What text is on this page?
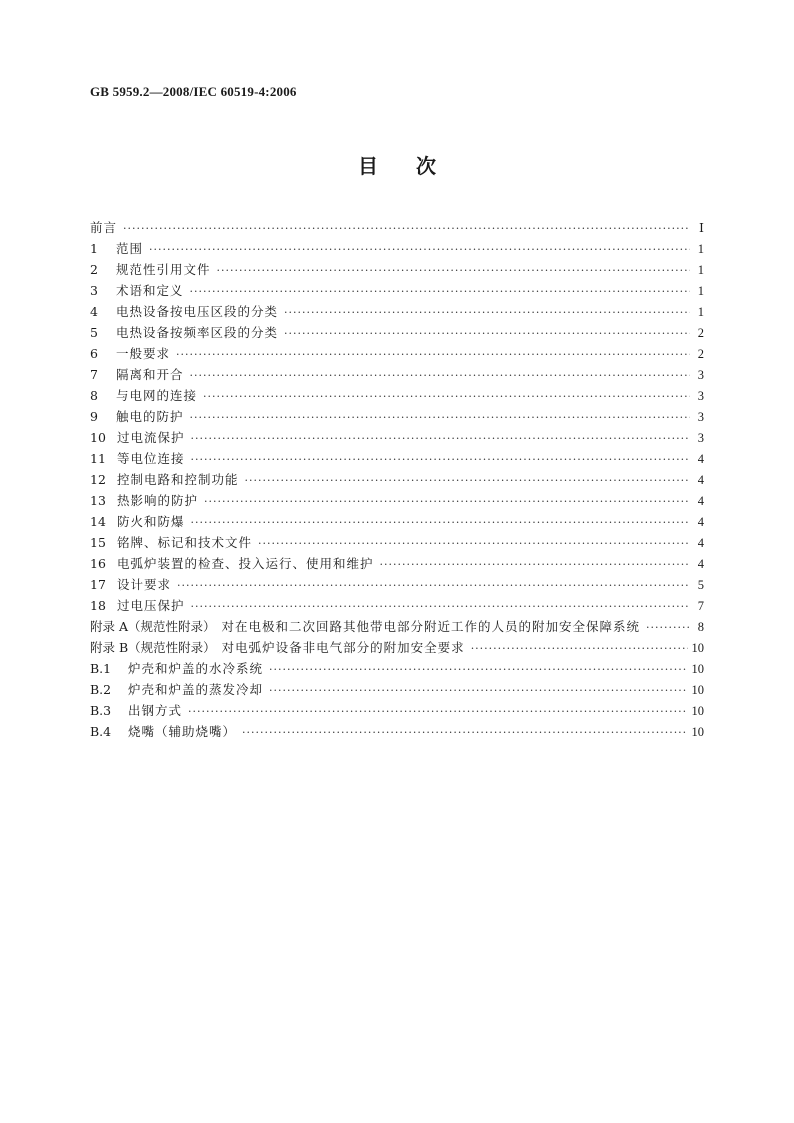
GB 5959.2—2008/IEC 60519-4:2006
目次
前言 ·····	Ⅰ
1	范围 ·····	1
2	规范性引用文件 ·····	1
3	术语和定义 ·····	1
4	电热设备按电压区段的分类 ·····	1
5	电热设备按频率区段的分类 ·····	2
6	一般要求 ·····	2
7	隔离和开合 ·····	3
8	与电网的连接 ·····	3
9	触电的防护 ·····	3
10 过电流保护 ·····	3
11 等电位连接 ·····	4
12 控制电路和控制功能 ·····	4
13 热影响的防护 ·····	4
14 防火和防爆 ·····	4
15 铭牌、标记和技术文件 ·····	4
16 电弧炉装置的检查、投入运行、使用和维护 ·····	4
17 设计要求 ·····	5
18 过电压保护 ·····	7
附录 A（规范性附录） 对在电极和二次回路其他带电部分附近工作的人员的附加安全保障系统 ·····	8
附录 B（规范性附录） 对电弧炉设备非电气部分的附加安全要求 ·····	10
B.1	炉壳和炉盖的水冷系统 ·····	10
B.2	炉壳和炉盖的蒸发冷却 ·····	10
B.3	出钢方式 ·····	10
B.4	烧嘴（辅助烧嘴） ·····	10
